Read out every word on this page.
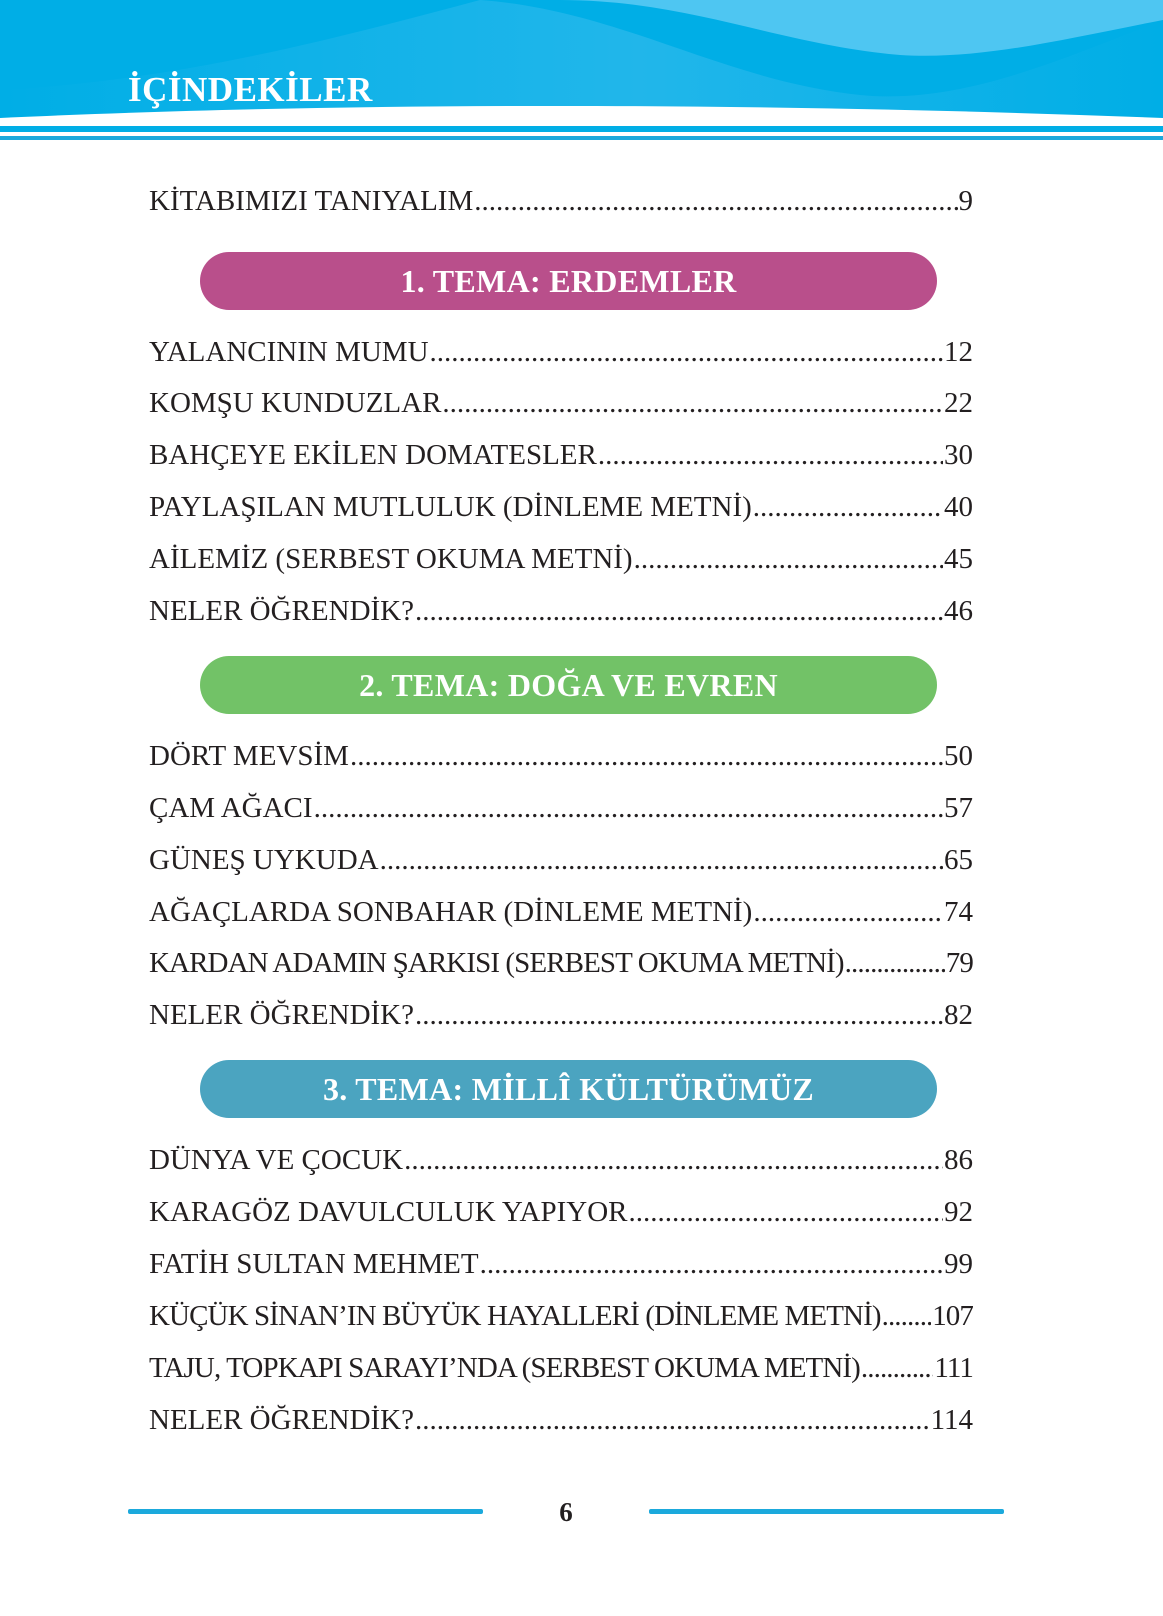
İÇİNDEKİLER
KİTABIMIZI TANIYALIM .....	9
1. TEMA: ERDEMLER
YALANCININ MUMU .....	12
KOMŞU KUNDUZLAR .....	22
BAHÇEYE EKİLEN DOMATESLER .....	30
PAYLAŞILAN MUTLULUK (DİNLEME METNİ) .....	40
AİLEMİZ (SERBEST OKUMA METNİ) .....	45
NELER ÖĞRENDİK? .....	46
2. TEMA: DOĞA VE EVREN
DÖRT MEVSİM .....	50
ÇAM AĞACI .....	57
GÜNEŞ UYKUDA .....	65
AĞAÇLARDA SONBAHAR (DİNLEME METNİ) .....	74
KARDAN ADAMIN ŞARKISI (SERBEST OKUMA METNİ) .....	79
NELER ÖĞRENDİK? .....	82
3. TEMA: MİLLÎ KÜLTÜRÜMÜZ
DÜNYA VE ÇOCUK .....	86
KARAGÖZ DAVULCULUK YAPIYOR .....	92
FATİH SULTAN MEHMET .....	99
KÜÇÜK SİNAN’IN BÜYÜK HAYALLERİ (DİNLEME METNİ) ..... 107
TAJU, TOPKAPI SARAYI’NDA (SERBEST OKUMA METNİ) .....	111
NELER ÖĞRENDİK? .....	114
6
